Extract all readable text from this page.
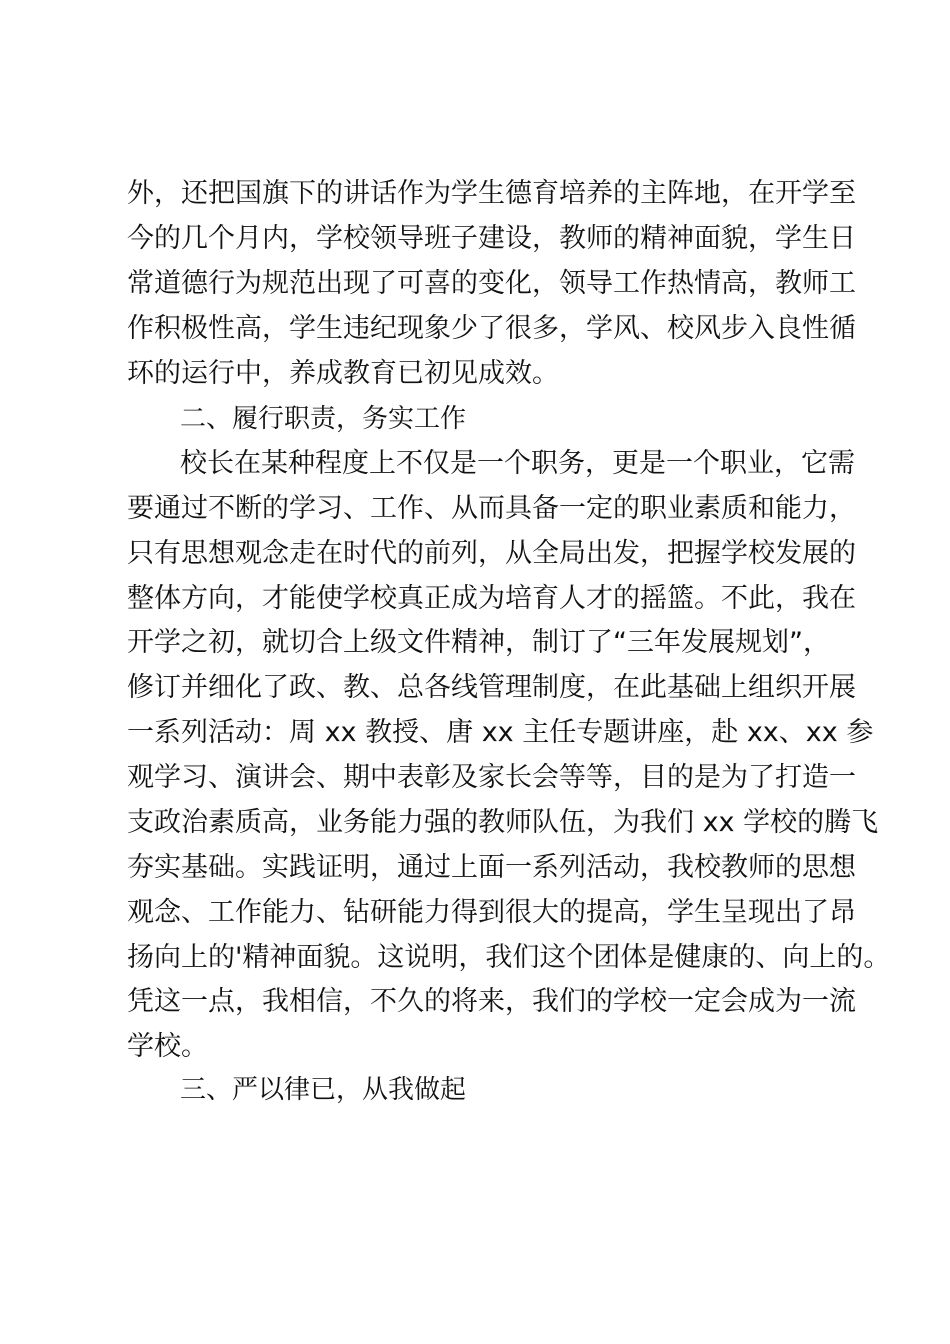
外，还把国旗下的讲话作为学生德育培养的主阵地，在开学至
今的几个月内，学校领导班子建设，教师的精神面貌，学生日
常道德行为规范出现了可喜的变化，领导工作热情高，教师工
作积极性高，学生违纪现象少了很多，学风、校风步入良性循
环的运行中，养成教育已初见成效。
二、履行职责，务实工作
校长在某种程度上不仅是一个职务，更是一个职业，它需
要通过不断的学习、工作、从而具备一定的职业素质和能力，
只有思想观念走在时代的前列，从全局出发，把握学校发展的
整体方向，才能使学校真正成为培育人才的摇篮。不此，我在
开学之初，就切合上级文件精神，制订了“三年发展规划”，
修订并细化了政、教、总各线管理制度，在此基础上组织开展
一系列活动：周 xx 教授、唐 xx 主任专题讲座，赴 xx、xx 参
观学习、演讲会、期中表彰及家长会等等，目的是为了打造一
支政治素质高，业务能力强的教师队伍，为我们 xx 学校的腾飞
夯实基础。实践证明，通过上面一系列活动，我校教师的思想
观念、工作能力、钻研能力得到很大的提高，学生呈现出了昂
扬向上的'精神面貌。这说明，我们这个团体是健康的、向上的。
凭这一点，我相信，不久的将来，我们的学校一定会成为一流
学校。
三、严以律已，从我做起
